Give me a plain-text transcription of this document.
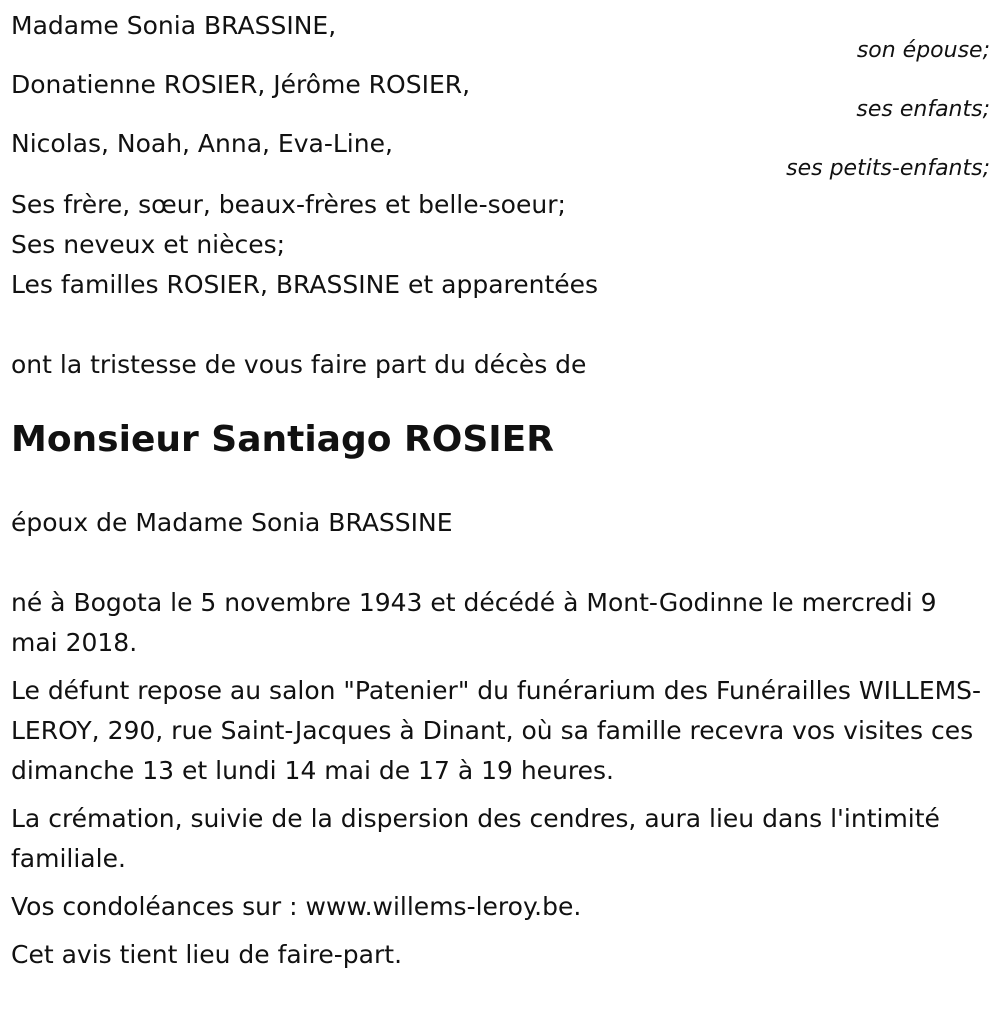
Madame Sonia BRASSINE,
son épouse;
Donatienne ROSIER, Jérôme ROSIER,
ses enfants;
Nicolas, Noah, Anna, Eva-Line,
ses petits-enfants;
Ses frère, sœur, beaux-frères et belle-soeur;
Ses neveux et nièces;
Les familles ROSIER, BRASSINE et apparentées
ont la tristesse de vous faire part du décès de
Monsieur Santiago ROSIER
époux de Madame Sonia BRASSINE

né à Bogota le 5 novembre 1943 et décédé à Mont-Godinne le mercredi 9 mai 2018.

Le défunt repose au salon "Patenier" du funérarium des Funérailles WILLEMS-LEROY, 290, rue Saint-Jacques à Dinant, où sa famille recevra vos visites ces dimanche 13 et lundi 14 mai de 17 à 19 heures.

La crémation, suivie de la dispersion des cendres, aura lieu dans l'intimité familiale.

Vos condoléances sur : www.willems-leroy.be.

Cet avis tient lieu de faire-part.
